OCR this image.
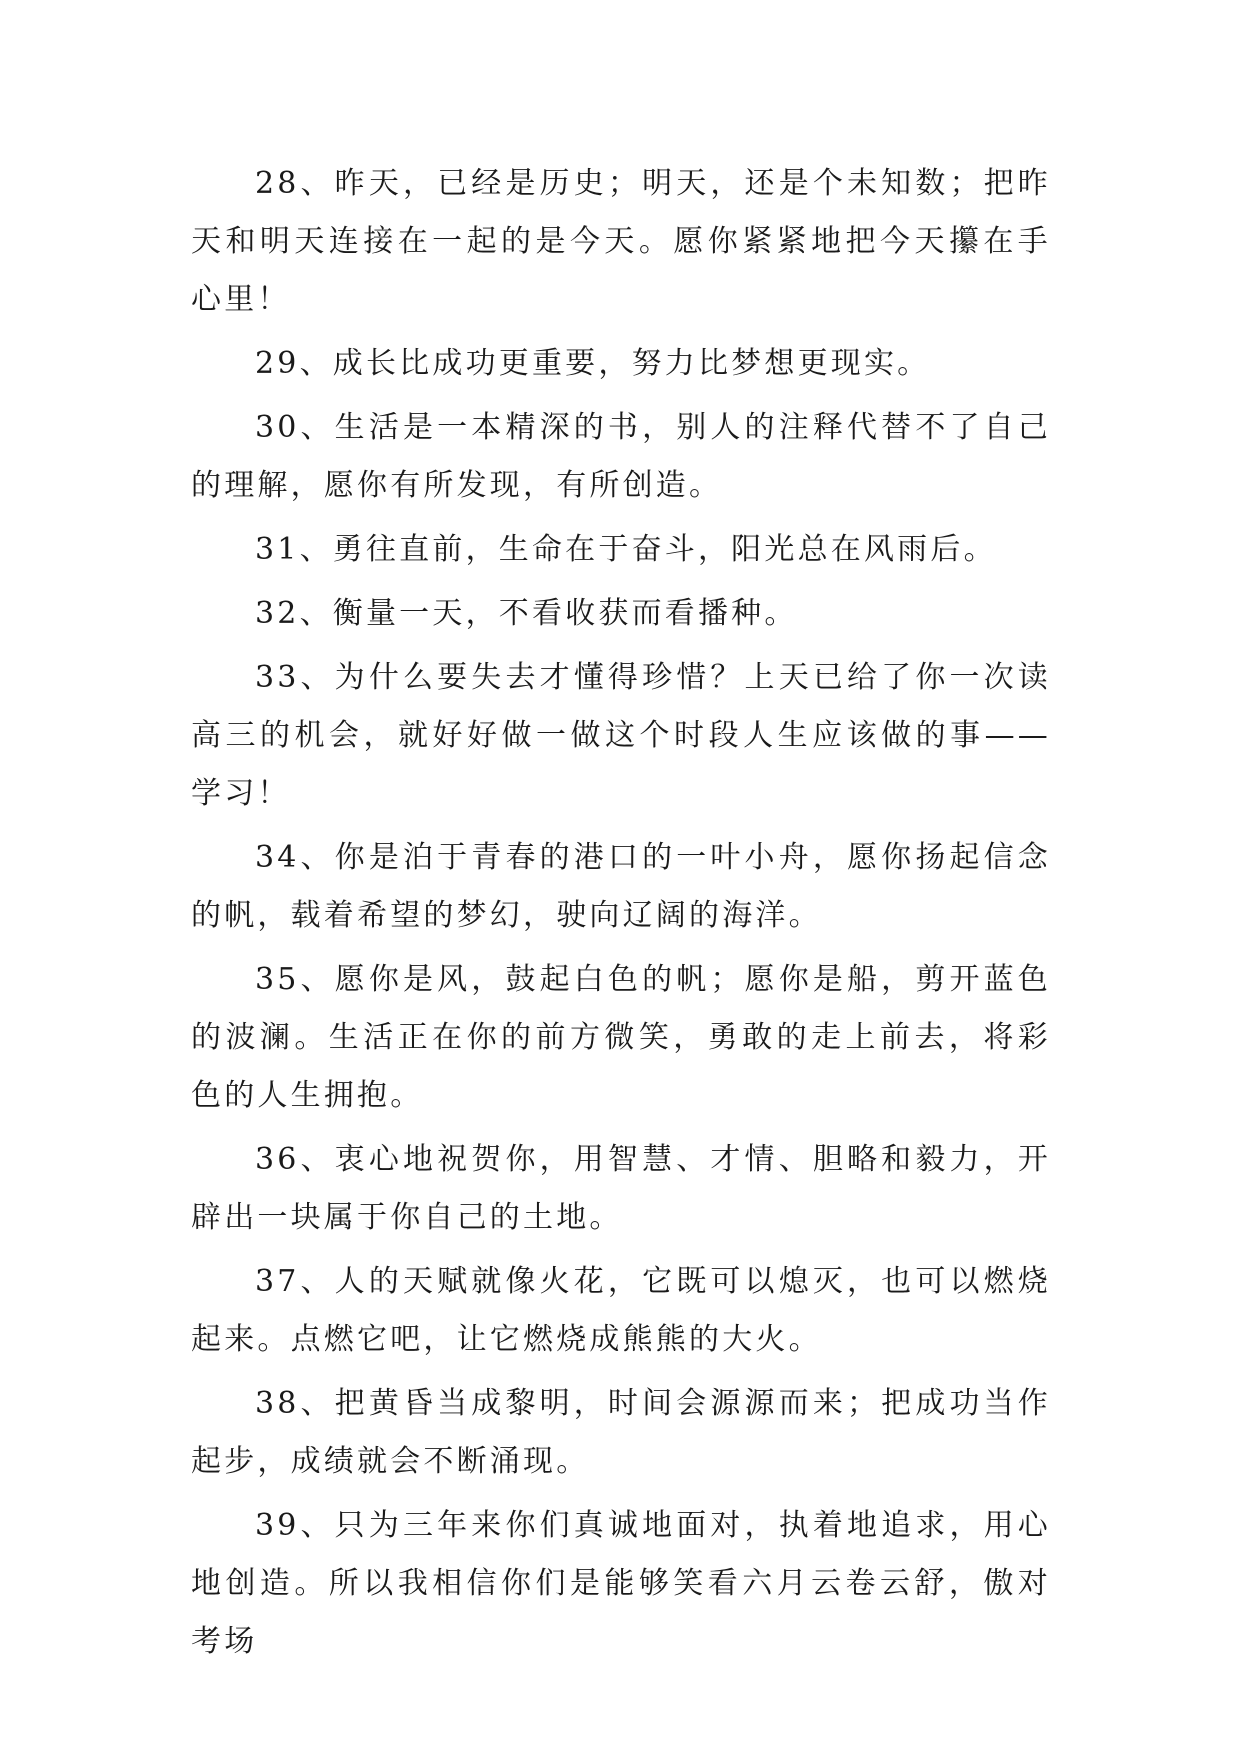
28、昨天，已经是历史；明天，还是个未知数；把昨天和明天连接在一起的是今天。愿你紧紧地把今天攥在手心里！

29、成长比成功更重要，努力比梦想更现实。

30、生活是一本精深的书，别人的注释代替不了自己的理解，愿你有所发现，有所创造。

31、勇往直前，生命在于奋斗，阳光总在风雨后。

32、衡量一天，不看收获而看播种。

33、为什么要失去才懂得珍惜？上天已给了你一次读高三的机会，就好好做一做这个时段人生应该做的事——学习！

34、你是泊于青春的港口的一叶小舟，愿你扬起信念的帆，载着希望的梦幻，驶向辽阔的海洋。

35、愿你是风，鼓起白色的帆；愿你是船，剪开蓝色的波澜。生活正在你的前方微笑，勇敢的走上前去，将彩色的人生拥抱。

36、衷心地祝贺你，用智慧、才情、胆略和毅力，开辟出一块属于你自己的土地。

37、人的天赋就像火花，它既可以熄灭，也可以燃烧起来。点燃它吧，让它燃烧成熊熊的大火。

38、把黄昏当成黎明，时间会源源而来；把成功当作起步，成绩就会不断涌现。

39、只为三年来你们真诚地面对，执着地追求，用心地创造。所以我相信你们是能够笑看六月云卷云舒，傲对考场
